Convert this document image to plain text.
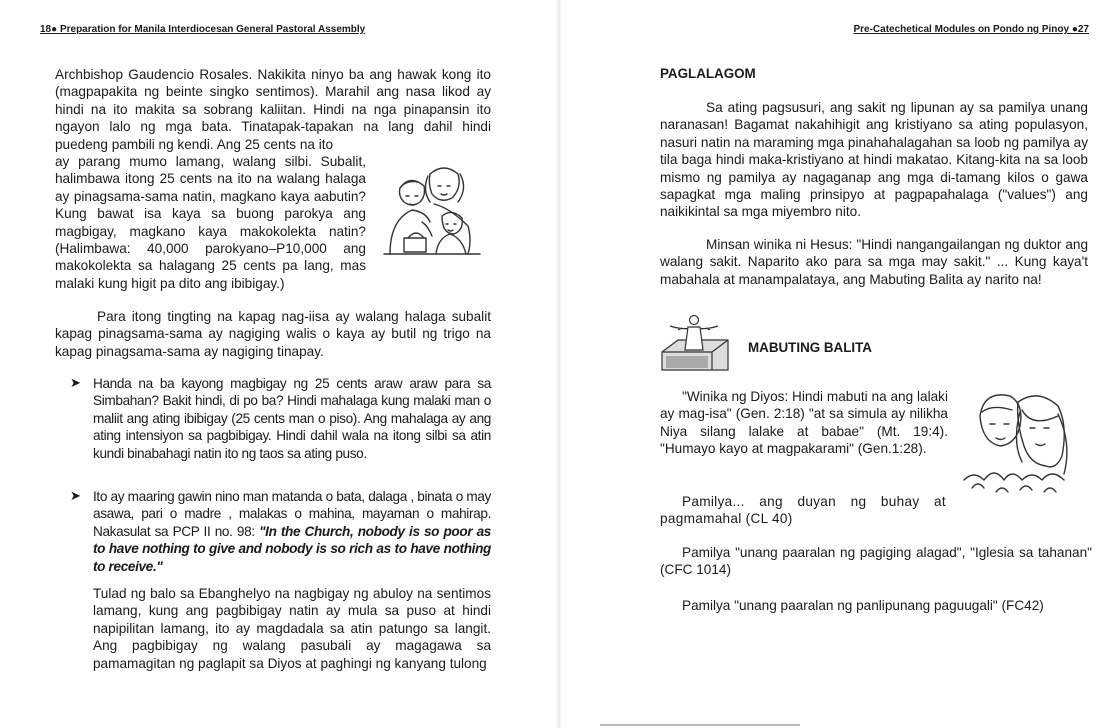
18● Preparation for Manila Interdiocesan General Pastoral Assembly

Archbishop Gaudencio Rosales. Nakikita ninyo ba ang hawak kong ito (magpapakita ng beinte singko sentimos). Marahil ang nasa likod ay hindi na ito makita sa sobrang kaliitan. Hindi na nga pinapansin ito ngayon lalo ng mga bata. Tinatapak-tapakan na lang dahil hindi puedeng pambili ng kendi. Ang 25 cents na ito

ay parang mumo lamang, walang silbi. Subalit, halimbawa itong 25 cents na ito na walang halaga ay pinagsama-sama natin, magkano kaya aabutin? Kung bawat isa kaya sa buong parokya ang magbigay, magkano kaya makokolekta natin? (Halimbawa: 40,000 parokyano–P10,000 ang makokolekta sa halagang 25 cents pa lang, mas malaki kung higit pa dito ang ibibigay.)

Para itong tingting na kapag nag-iisa ay walang halaga subalit kapag pinagsama-sama ay nagiging walis o kaya ay butil ng trigo na kapag pinagsama-sama ay nagiging tinapay.

➤ Handa na ba kayong magbigay ng 25 cents araw araw para sa Simbahan? Bakit hindi, di po ba? Hindi mahalaga kung malaki man o maliit ang ating ibibigay (25 cents man o piso). Ang mahalaga ay ang ating intensiyon sa pagbibigay. Hindi dahil wala na itong silbi sa atin kundi binabahagi natin ito ng taos sa ating puso.

➤ Ito ay maaring gawin nino man matanda o bata, dalaga , binata o may asawa, pari o madre , malakas o mahina, mayaman o mahirap. Nakasulat sa PCP II no. 98: "In the Church, nobody is so poor as to have nothing to give and nobody is so rich as to have nothing to receive."

Tulad ng balo sa Ebanghelyo na nagbigay ng abuloy na sentimos lamang, kung ang pagbibigay natin ay mula sa puso at hindi napipilitan lamang, ito ay magdadala sa atin patungo sa langit. Ang pagbibigay ng walang pasubali ay magagawa sa pamamagitan ng paglapit sa Diyos at paghingi ng kanyang tulong

Pre-Catechetical Modules on Pondo ng Pinoy ●27
PAGLALAGOM

Sa ating pagsusuri, ang sakit ng lipunan ay sa pamilya unang naranasan! Bagamat nakahihigit ang kristiyano sa ating populasyon, nasuri natin na maraming mga pinahahalagahan sa loob ng pamilya ay tila baga hindi maka-kristiyano at hindi makatao. Kitang-kita na sa loob mismo ng pamilya ay nagaganap ang mga di-tamang kilos o gawa sapagkat mga maling prinsipyo at pagpapahalaga ("values") ang naikikintal sa mga miyembro nito.

Minsan winika ni Hesus: "Hindi nangangailangan ng duktor ang walang sakit. Naparito ako para sa mga may sakit." ... Kung kaya't mabahala at manampalataya, ang Mabuting Balita ay narito na!

MABUTING BALITA

"Winika ng Diyos: Hindi mabuti na ang lalaki ay mag-isa" (Gen. 2:18) "at sa simula ay nilikha Niya silang lalake at babae" (Mt. 19:4). "Humayo kayo at magpakarami" (Gen.1:28).

Pamilya... ang duyan ng buhay at pagmamahal (CL 40)

Pamilya "unang paaralan ng pagiging alagad", "Iglesia sa tahanan" (CFC 1014)

Pamilya "unang paaralan ng panlipunang paguugali" (FC42)
